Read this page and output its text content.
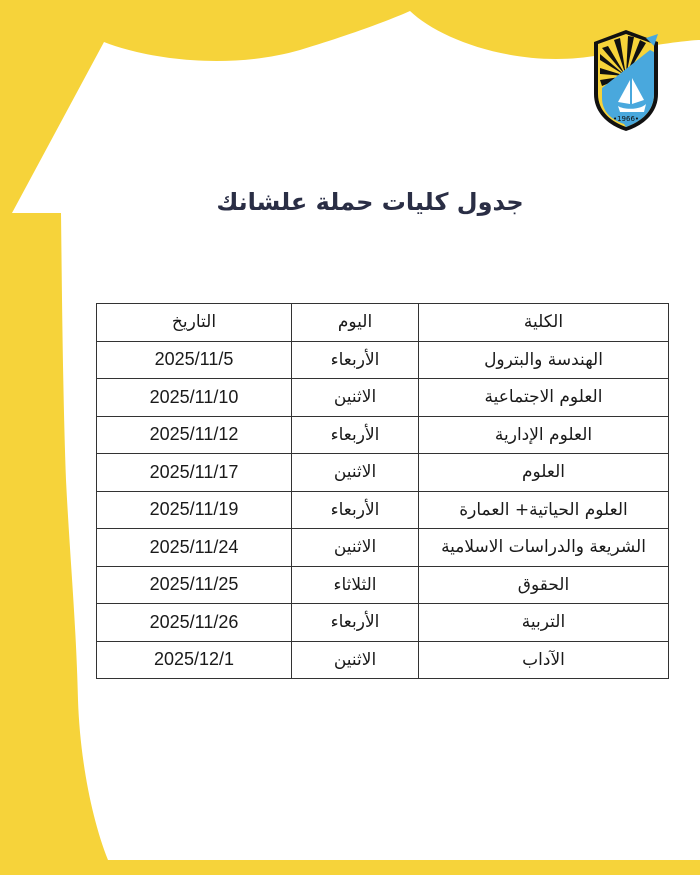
•1966•
جدول كليات حملة علشانك
الكلية	اليوم	التاريخ
الهندسة والبترول	الأربعاء	2025/11/5
العلوم الاجتماعية	الاثنين	2025/11/10
العلوم الإدارية	الأربعاء	2025/11/12
العلوم	الاثنين	2025/11/17
العلوم الحياتية+ العمارة	الأربعاء	2025/11/19
الشريعة والدراسات الاسلامية	الاثنين	2025/11/24
الحقوق	الثلاثاء	2025/11/25
التربية	الأربعاء	2025/11/26
الآداب	الاثنين	2025/12/1
